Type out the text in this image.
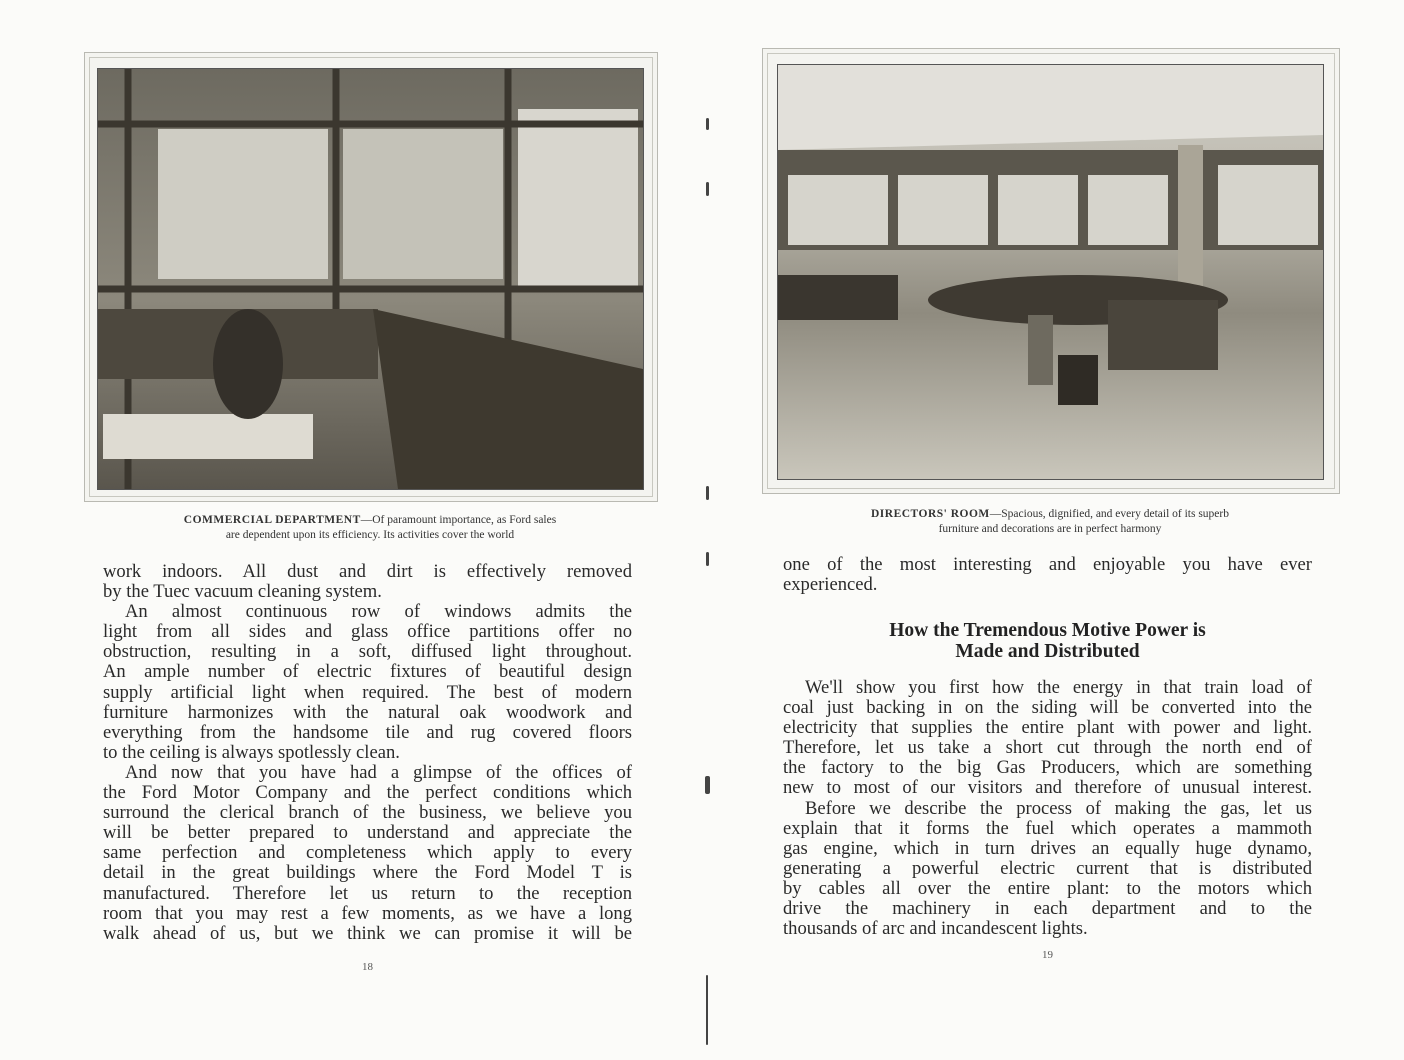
COMMERCIAL DEPARTMENT—Of paramount importance, as Ford sales
are dependent upon its efficiency. Its activities cover the world
work indoors. All dust and dirt is effectively removed
by the Tuec vacuum cleaning system.
An almost continuous row of windows admits the
light from all sides and glass office partitions offer no
obstruction, resulting in a soft, diffused light throughout.
An ample number of electric fixtures of beautiful design
supply artificial light when required. The best of modern
furniture harmonizes with the natural oak woodwork and
everything from the handsome tile and rug covered floors
to the ceiling is always spotlessly clean.
And now that you have had a glimpse of the offices of
the Ford Motor Company and the perfect conditions which
surround the clerical branch of the business, we believe you
will be better prepared to understand and appreciate the
same perfection and completeness which apply to every
detail in the great buildings where the Ford Model T is
manufactured. Therefore let us return to the reception
room that you may rest a few moments, as we have a long
walk ahead of us, but we think we can promise it will be
18
DIRECTORS' ROOM—Spacious, dignified, and every detail of its superb
furniture and decorations are in perfect harmony
one of the most interesting and enjoyable you have ever
experienced.
How the Tremendous Motive Power is
Made and Distributed
We'll show you first how the energy in that train load of
coal just backing in on the siding will be converted into the
electricity that supplies the entire plant with power and light.
Therefore, let us take a short cut through the north end of
the factory to the big Gas Producers, which are something
new to most of our visitors and therefore of unusual interest.
Before we describe the process of making the gas, let us
explain that it forms the fuel which operates a mammoth
gas engine, which in turn drives an equally huge dynamo,
generating a powerful electric current that is distributed
by cables all over the entire plant: to the motors which
drive the machinery in each department and to the
thousands of arc and incandescent lights.
19
